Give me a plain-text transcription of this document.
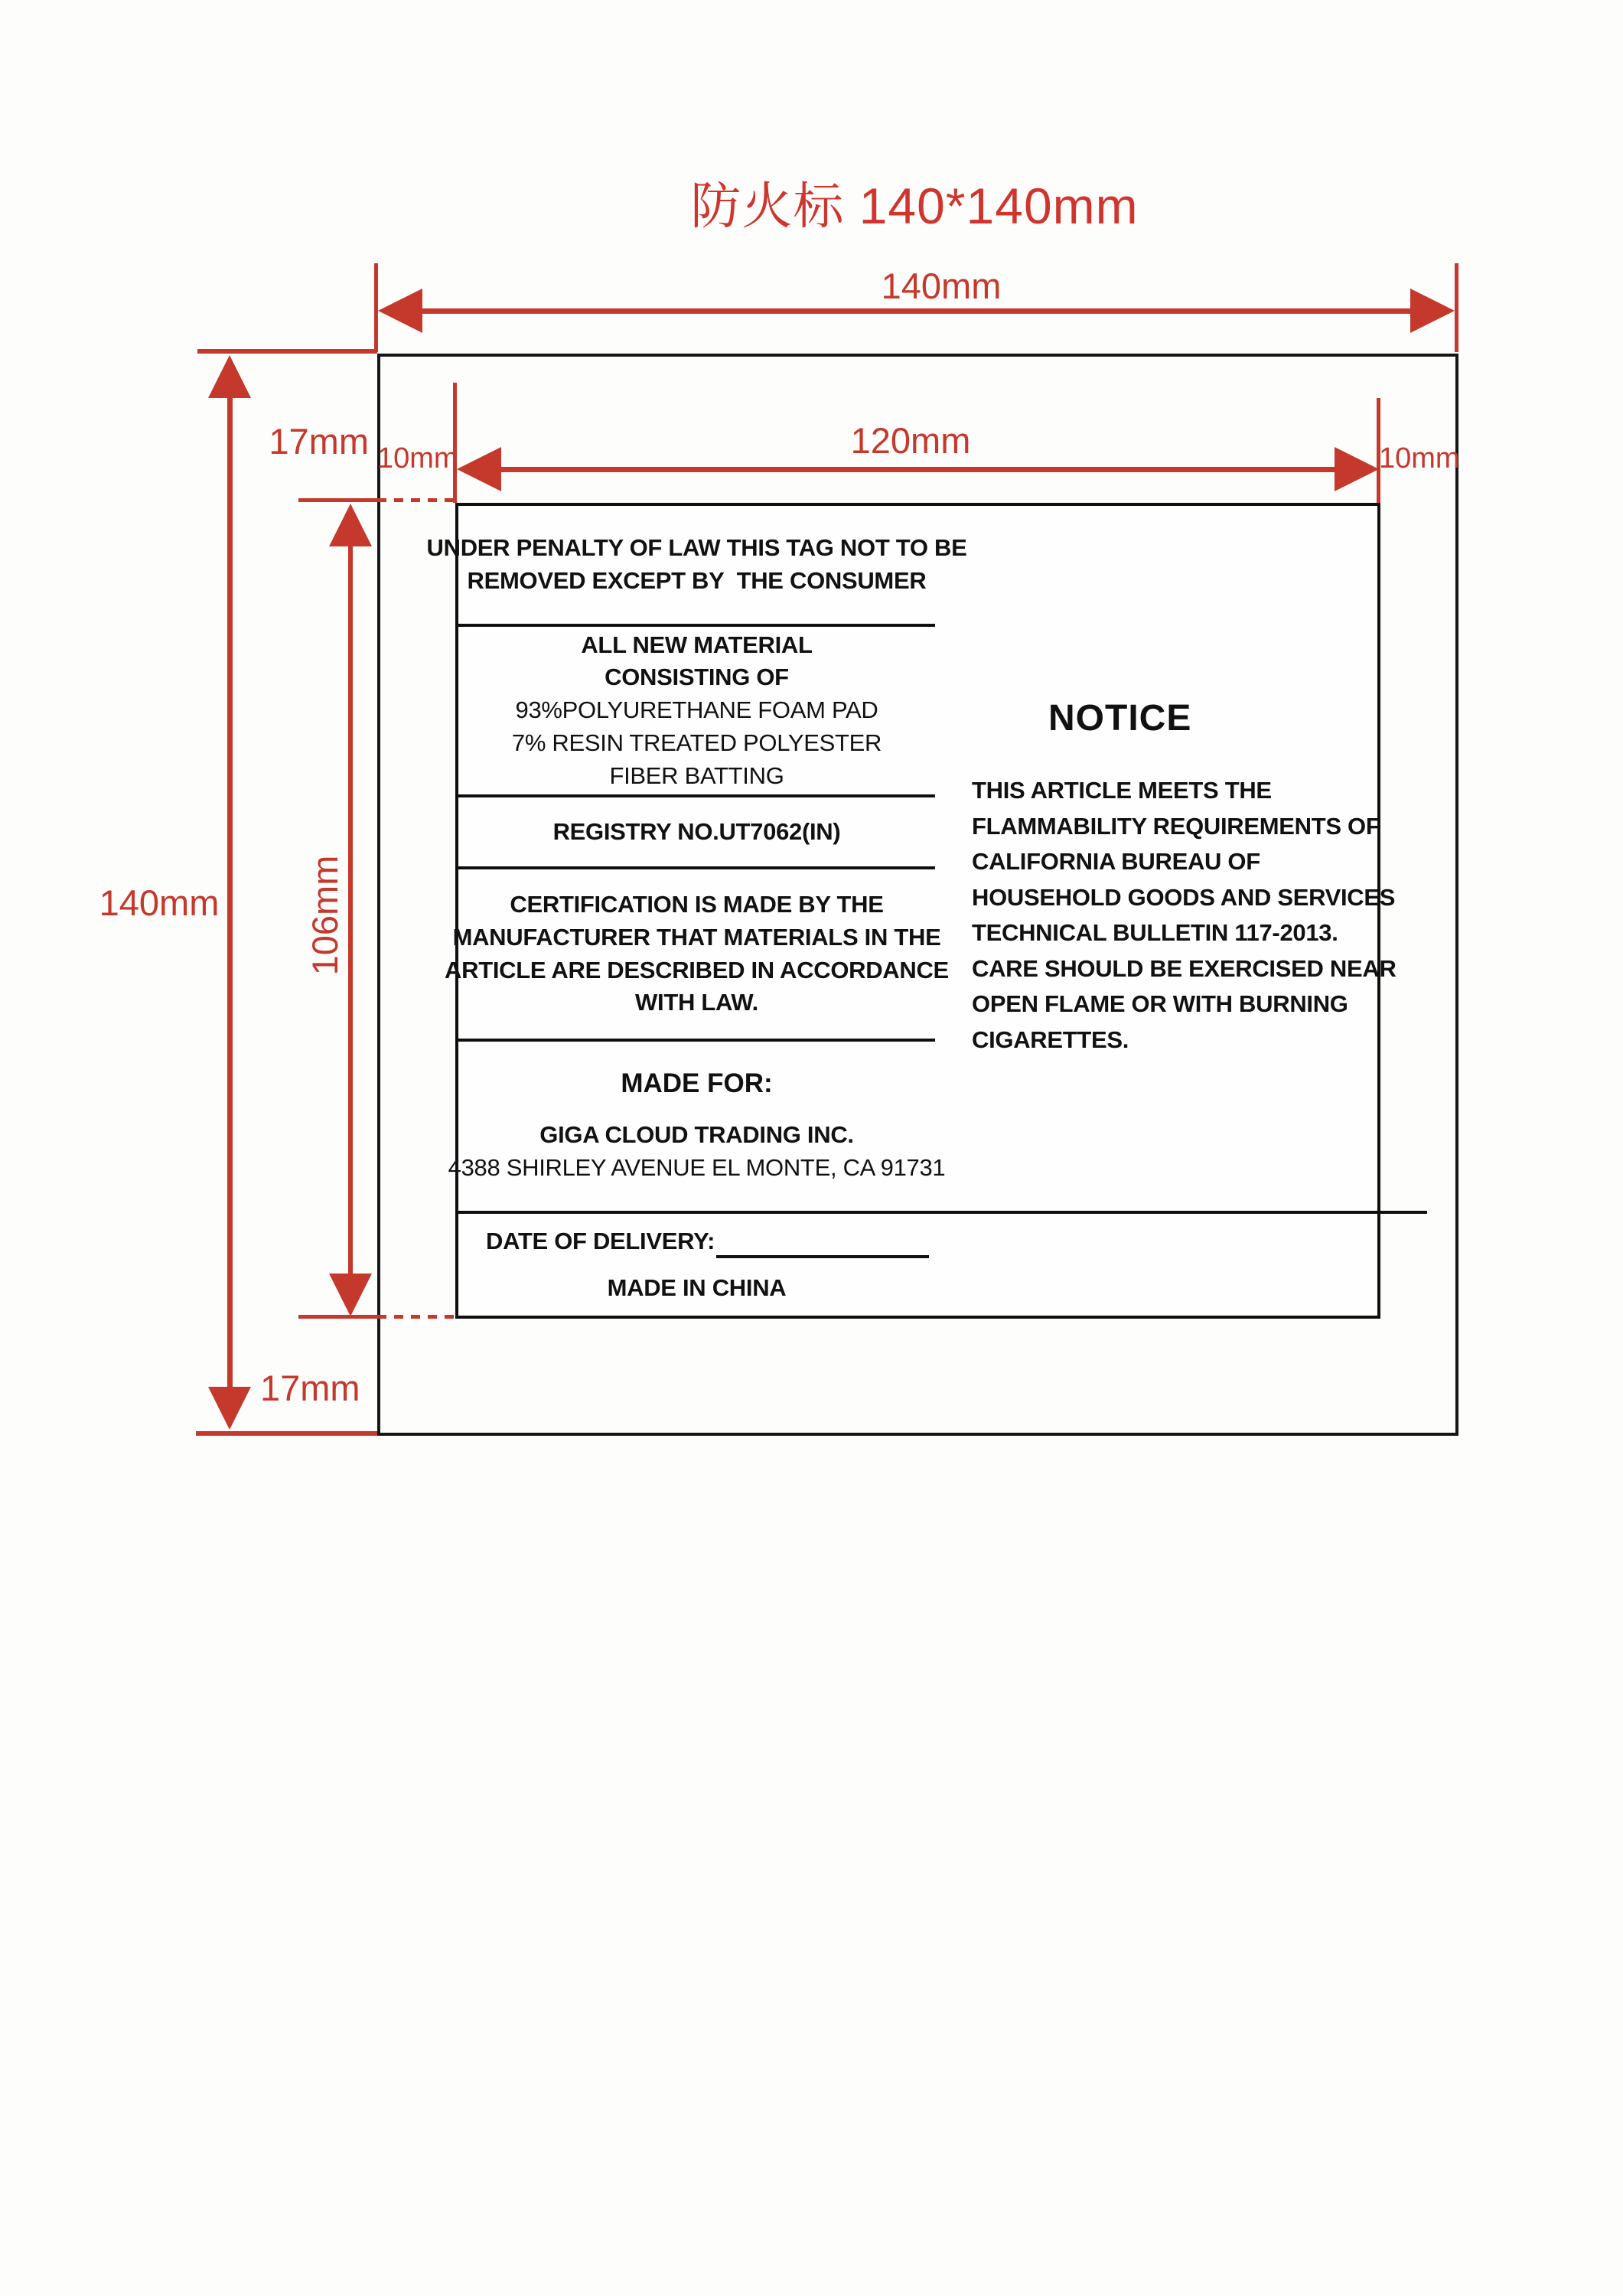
防火标 140*140mm
UNDER PENALTY OF LAW THIS TAG NOT TO BE
REMOVED EXCEPT BY  THE CONSUMER
ALL NEW MATERIAL
CONSISTING OF
93%POLYURETHANE FOAM PAD
7% RESIN TREATED POLYESTER
FIBER BATTING
REGISTRY NO.UT7062(IN)
CERTIFICATION IS MADE BY THE
MANUFACTURER THAT MATERIALS IN THE
ARTICLE ARE DESCRIBED IN ACCORDANCE
WITH LAW.
MADE FOR:
GIGA CLOUD TRADING INC.
4388 SHIRLEY AVENUE EL MONTE, CA 91731
DATE OF DELIVERY:
MADE IN CHINA
NOTICE
THIS ARTICLE MEETS THE
FLAMMABILITY REQUIREMENTS OF
CALIFORNIA BUREAU OF
HOUSEHOLD GOODS AND SERVICES
TECHNICAL BULLETIN 117-2013.
CARE SHOULD BE EXERCISED NEAR
OPEN FLAME OR WITH BURNING
CIGARETTES.
140mm
120mm
10mm	10mm
17mm
17mm
140mm 106mm
